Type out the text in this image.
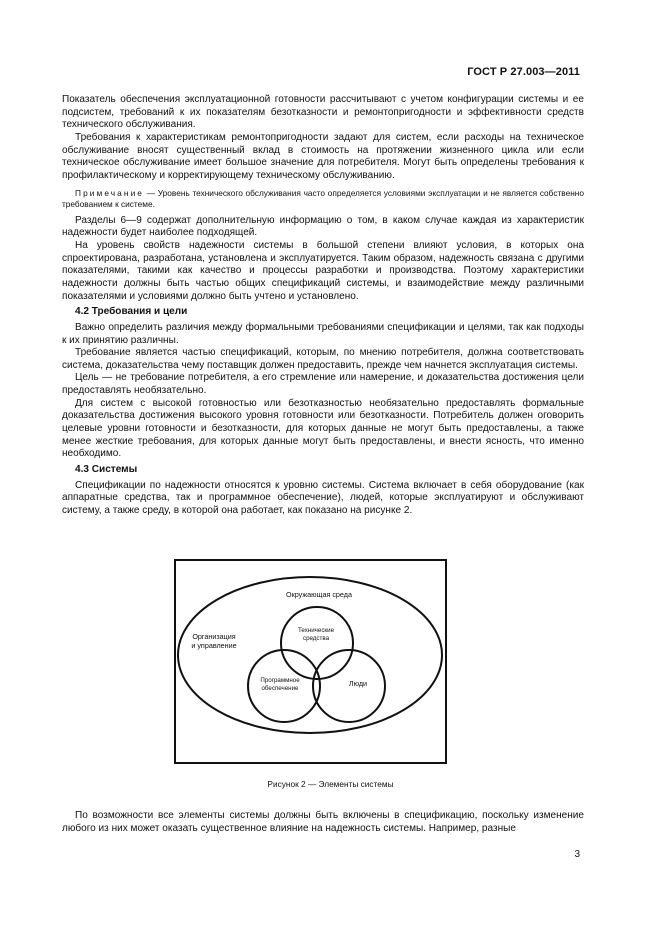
ГОСТ Р 27.003—2011

Показатель обеспечения эксплуатационной готовности рассчитывают с учетом конфигурации системы и ее подсистем, требований к их показателям безотказности и ремонтопригодности и эффективности средств технического обслуживания.

Требования к характеристикам ремонтопригодности задают для систем, если расходы на техническое обслуживание вносят существенный вклад в стоимость на протяжении жизненного цикла или если техническое обслуживание имеет большое значение для потребителя. Могут быть определены требования к профилактическому и корректирующему техническому обслуживанию.

Примечание — Уровень технического обслуживания часто определяется условиями эксплуатации и не является собственно требованием к системе.

Разделы 6—9 содержат дополнительную информацию о том, в каком случае каждая из характеристик надежности будет наиболее подходящей.

На уровень свойств надежности системы в большой степени влияют условия, в которых она спроектирована, разработана, установлена и эксплуатируется. Таким образом, надежность связана с другими показателями, такими как качество и процессы разработки и производства. Поэтому характеристики надежности должны быть частью общих спецификаций системы, и взаимодействие между различными показателями и условиями должно быть учтено и установлено.

4.2 Требования и цели

Важно определить различия между формальными требованиями спецификации и целями, так как подходы к их принятию различны.

Требование является частью спецификаций, которым, по мнению потребителя, должна соответствовать система, доказательства чему поставщик должен предоставить, прежде чем начнется эксплуатация системы.

Цель — не требование потребителя, а его стремление или намерение, и доказательства достижения цели предоставлять необязательно.

Для систем с высокой готовностью или безотказностью необязательно предоставлять формальные доказательства достижения высокого уровня готовности или безотказности. Потребитель должен оговорить целевые уровни готовности и безотказности, для которых данные не могут быть предоставлены, а также менее жесткие требования, для которых данные могут быть предоставлены, и внести ясность, что именно необходимо.

4.3 Системы

Спецификации по надежности относятся к уровню системы. Система включает в себя оборудование (как аппаратные средства, так и программное обеспечение), людей, которые эксплуатируют и обслуживают систему, а также среду, в которой она работает, как показано на рисунке 2.

Окружающая среда
Организация
и управление
Технические
средства
Программное
обеспечение
Люди
Рисунок 2 — Элементы системы

По возможности все элементы системы должны быть включены в спецификацию, поскольку изменение любого из них может оказать существенное влияние на надежность системы. Например, разные

3
